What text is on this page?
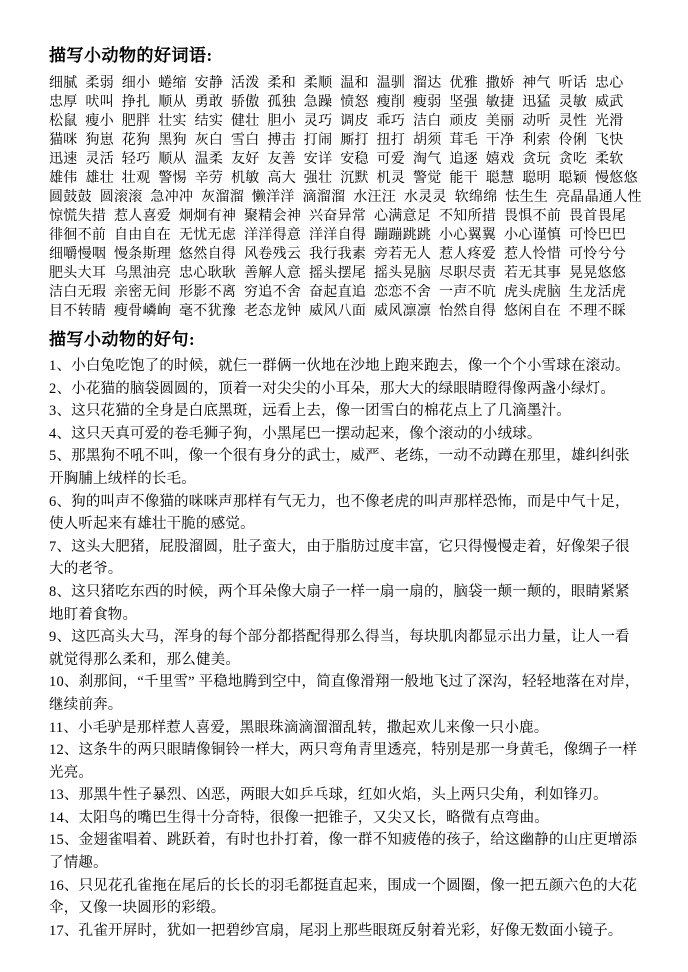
描写小动物的好词语:
细腻 柔弱 细小 蜷缩 安静 活泼 柔和 柔顺 温和 温驯 溜达 优雅 撒娇 神气 听话 忠心
忠厚 吠叫 挣扎 顺从 勇敢 骄傲 孤独 急躁 愤怒 瘦削 瘦弱 坚强 敏捷 迅猛 灵敏 威武
松鼠 瘦小 肥胖 壮实 结实 健壮 胆小 灵巧 调皮 乖巧 洁白 顽皮 美丽 动听 灵性 光滑
猫咪 狗崽 花狗 黑狗 灰白 雪白 搏击 打闹 厮打 扭打 胡须 茸毛 干净 利索 伶俐 飞快
迅速 灵活 轻巧 顺从 温柔 友好 友善 安详 安稳 可爱 淘气 追逐 嬉戏 贪玩 贪吃 柔软
雄伟 雄壮 壮观 警惕 辛劳 机敏 高大 强壮 沉默 机灵 警觉 能干 聪慧 聪明 聪颖 慢悠悠
圆鼓鼓 圆滚滚 急冲冲 灰溜溜 懒洋洋 滴溜溜 水汪汪 水灵灵 软绵绵 怯生生 亮晶晶通人性
惊慌失措 惹人喜爱 炯炯有神 聚精会神 兴奋异常 心满意足 不知所措 畏惧不前 畏首畏尾
徘徊不前 自由自在 无忧无虑 洋洋得意 洋洋自得 蹦蹦跳跳 小心翼翼 小心谨慎 可怜巴巴
细嚼慢咽 慢条斯理 悠然自得 风卷残云 我行我素 旁若无人 惹人疼爱 惹人怜惜 可怜兮兮
肥头大耳 乌黑油亮 忠心耿耿 善解人意 摇头摆尾 摇头晃脑 尽职尽责 若无其事 晃晃悠悠
洁白无瑕 亲密无间 形影不离 穷追不舍 奋起直追 恋恋不舍 一声不吭 虎头虎脑 生龙活虎
目不转睛 瘦骨嶙峋 毫不犹豫 老态龙钟 威风八面 威风凛凛 怡然自得 悠闲自在 不理不睬
描写小动物的好句:

1、小白兔吃饱了的时候，就仨一群俩一伙地在沙地上跑来跑去，像一个个小雪球在滚动。

2、小花猫的脑袋圆圆的，顶着一对尖尖的小耳朵，那大大的绿眼睛瞪得像两盏小绿灯。

3、这只花猫的全身是白底黑斑，远看上去，像一团雪白的棉花点上了几滴墨汁。

4、这只天真可爱的卷毛狮子狗，小黑尾巴一摆动起来，像个滚动的小绒球。

5、那黑狗不吼不叫，像一个很有身分的武士，威严、老练，一动不动蹲在那里，雄纠纠张开胸脯上绒样的长毛。

6、狗的叫声不像猫的咪咪声那样有气无力，也不像老虎的叫声那样恐怖，而是中气十足，使人听起来有雄壮干脆的感觉。

7、这头大肥猪，屁股溜圆，肚子蛮大，由于脂肪过度丰富，它只得慢慢走着，好像架子很大的老爷。

8、这只猪吃东西的时候，两个耳朵像大扇子一样一扇一扇的，脑袋一颠一颠的，眼睛紧紧地盯着食物。

9、这匹高头大马，浑身的每个部分都搭配得那么得当，每块肌肉都显示出力量，让人一看就觉得那么柔和，那么健美。

10、刹那间，“千里雪” 平稳地腾到空中，简直像滑翔一般地飞过了深沟，轻轻地落在对岸，继续前奔。

11、小毛驴是那样惹人喜爱，黑眼珠滴滴溜溜乱转，撒起欢儿来像一只小鹿。

12、这条牛的两只眼睛像铜铃一样大，两只弯角青里透亮，特别是那一身黄毛，像绸子一样光亮。

13、那黑牛性子暴烈、凶恶，两眼大如乒乓球，红如火焰，头上两只尖角，利如锋刃。

14、太阳鸟的嘴巴生得十分奇特，很像一把锥子，又尖又长，略微有点弯曲。

15、金翅雀唱着、跳跃着，有时也扑打着，像一群不知疲倦的孩子，给这幽静的山庄更增添了情趣。

16、只见花孔雀拖在尾后的长长的羽毛都挺直起来，围成一个圆圈，像一把五颜六色的大花伞，又像一块圆形的彩缎。

17、孔雀开屏时，犹如一把碧纱宫扇，尾羽上那些眼斑反射着光彩，好像无数面小镜子。
